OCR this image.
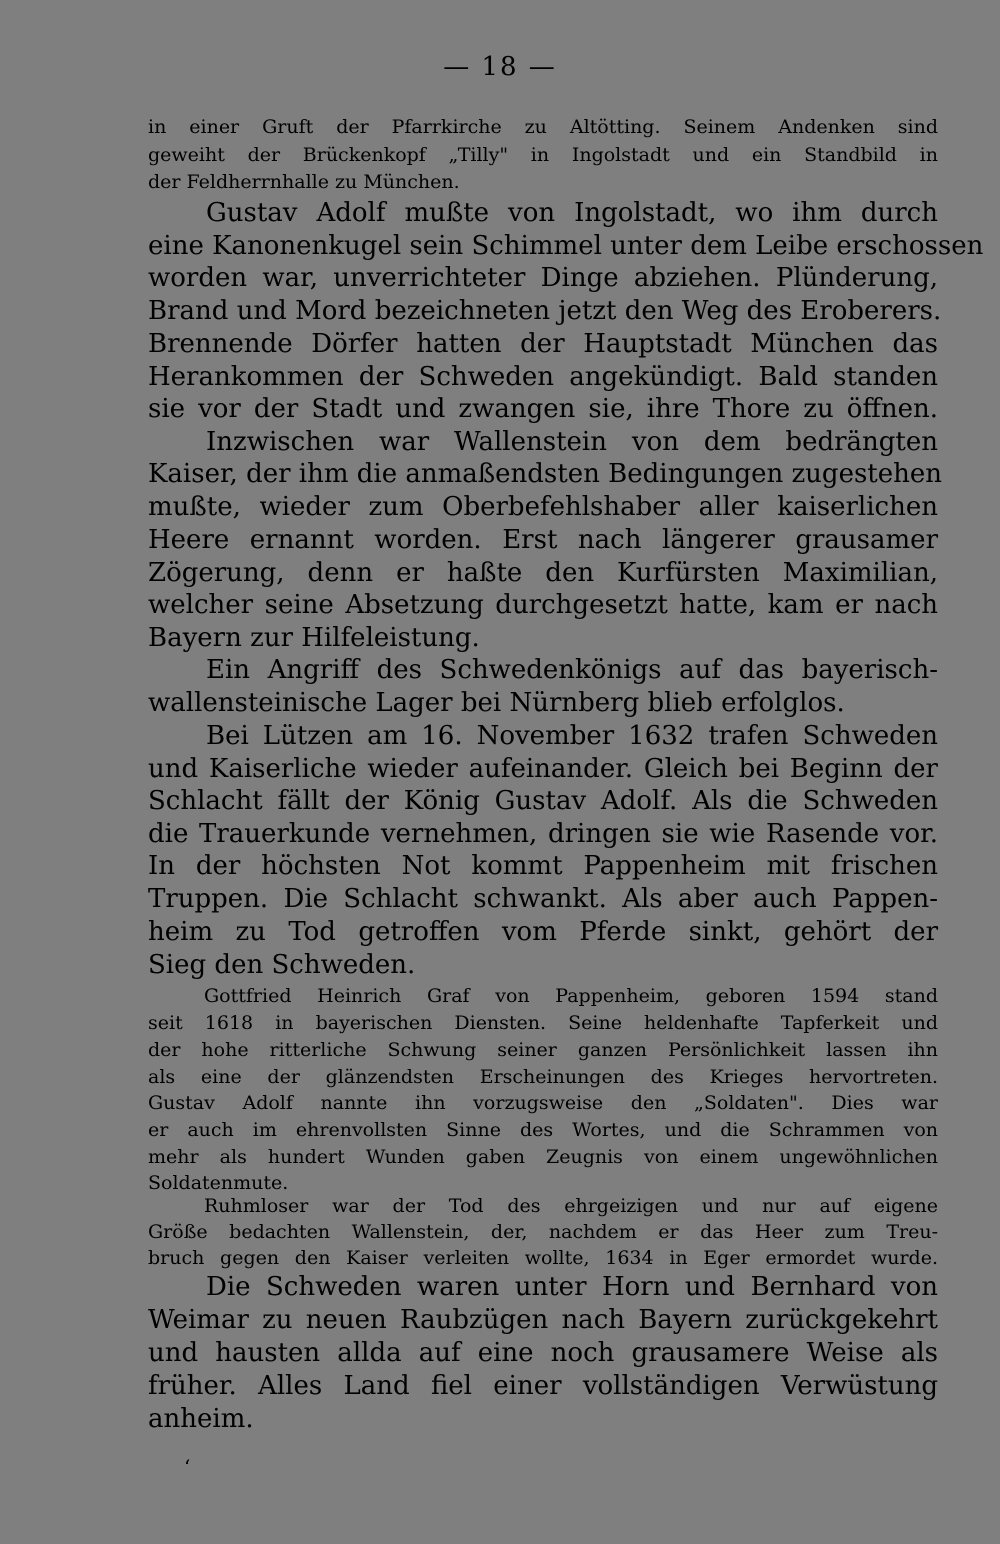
— 18 —
in einer Gruft der Pfarrkirche zu Altötting. Seinem Andenken sind
geweiht der Brückenkopf „Tilly" in Ingolstadt und ein Standbild in
der Feldherrnhalle zu München.
Gustav Adolf mußte von Ingolstadt, wo ihm durch
eine Kanonenkugel sein Schimmel unter dem Leibe erschossen
worden war, unverrichteter Dinge abziehen. Plünderung,
Brand und Mord bezeichneten jetzt den Weg des Eroberers.
Brennende Dörfer hatten der Hauptstadt München das
Herankommen der Schweden angekündigt. Bald standen
sie vor der Stadt und zwangen sie, ihre Thore zu öffnen.
Inzwischen war Wallenstein von dem bedrängten
Kaiser, der ihm die anmaßendsten Bedingungen zugestehen
mußte, wieder zum Oberbefehlshaber aller kaiserlichen
Heere ernannt worden. Erst nach längerer grausamer
Zögerung, denn er haßte den Kurfürsten Maximilian,
welcher seine Absetzung durchgesetzt hatte, kam er nach
Bayern zur Hilfeleistung.
Ein Angriff des Schwedenkönigs auf das bayerisch-
wallensteinische Lager bei Nürnberg blieb erfolglos.
Bei Lützen am 16. November 1632 trafen Schweden
und Kaiserliche wieder aufeinander. Gleich bei Beginn der
Schlacht fällt der König Gustav Adolf. Als die Schweden
die Trauerkunde vernehmen, dringen sie wie Rasende vor.
In der höchsten Not kommt Pappenheim mit frischen
Truppen. Die Schlacht schwankt. Als aber auch Pappen-
heim zu Tod getroffen vom Pferde sinkt, gehört der
Sieg den Schweden.
Gottfried Heinrich Graf von Pappenheim, geboren 1594 stand
seit 1618 in bayerischen Diensten. Seine heldenhafte Tapferkeit und
der hohe ritterliche Schwung seiner ganzen Persönlichkeit lassen ihn
als eine der glänzendsten Erscheinungen des Krieges hervortreten.
Gustav Adolf nannte ihn vorzugsweise den „Soldaten". Dies war
er auch im ehrenvollsten Sinne des Wortes, und die Schrammen von
mehr als hundert Wunden gaben Zeugnis von einem ungewöhnlichen
Soldatenmute.
Ruhmloser war der Tod des ehrgeizigen und nur auf eigene
Größe bedachten Wallenstein, der, nachdem er das Heer zum Treu-
bruch gegen den Kaiser verleiten wollte, 1634 in Eger ermordet wurde.
Die Schweden waren unter Horn und Bernhard von
Weimar zu neuen Raubzügen nach Bayern zurückgekehrt
und hausten allda auf eine noch grausamere Weise als
früher. Alles Land fiel einer vollständigen Verwüstung
anheim.
‘
